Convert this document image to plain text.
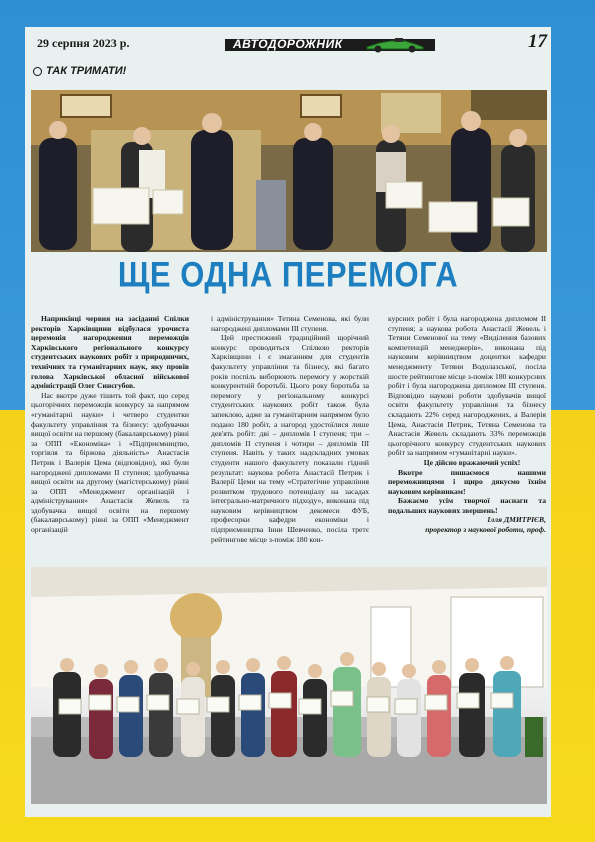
29 серпня 2023 р.	АВТОДОРОЖНИК	17
ТАК ТРИМАТИ!
ЩЕ ОДНА ПЕРЕМОГА

Наприкінці червня на засіданні Спілки ректорів Харківщини відбулася урочиста церемонія нагородження переможців Харківського регіонального конкурсу студентських наукових робіт з природничих, технічних та гуманітарних наук, яку провів голова Харківської обласної військової адміністрації Олег Синєгубов.

Нас вкотре дуже тішить той факт, що серед цьогорічних переможців конкурсу за напрямом «гуманітарні науки» і четверо студентки факультету управління та бізнесу: здобувачки вищої освіти на першому (бакалаврському) рівні за ОПП «Економіка» і «Підприємництво, торгівля та біржова діяльність» Анастасія Петрик і Валерія Цема (відповідно), які були нагороджені дипломами ІІ ступеня; здобувачка вищої освіти на другому (магістерському) рівні за ОПП «Менеджмент організацій і адміністрування» Анастасія Жевель та здобувачка вищої освіти на першому (бакалаврському) рівні за ОПП «Менеджмент організацій

і адміністрування» Тетяна Семенова, які були нагороджені дипломами ІІІ ступеня.

Цей престижний традиційний щорічний конкурс проводиться Спілкою ректорів Харківщини і є змаганням для студентів факультету управління та бізнесу, які багато років поспіль виборюють перемогу у жорсткій конкурентній боротьбі. Цього року боротьба за перемогу у регіональному конкурсі студентських наукових робіт також була запеклою, адже за гуманітарним напрямом було подано 180 робіт, а нагород удостоїлися лише дев'ять робіт: дві – дипломів І ступеня; три – дипломів ІІ ступеня і чотири – дипломів ІІІ ступеня. Навіть у таких надскладних умовах студенти нашого факультету показали гідний результат: наукова робота Анастасії Петрик і Валерії Цеми на тему «Стратегічне управління розвитком трудового потенціалу на засадах інтегрально-матричного підходу», виконана під науковим керівництвом декомеси ФУБ, професорки кафедри економіки і підприємництва Інни Шевченко, посіла третє рейтингове місце з-поміж 180 кон-

курсних робіт і була нагороджена дипломом ІІ ступеня; а наукова робота Анастасії Жевель і Тетяни Семенової на тему «Виділення базових компетенцій менеджерів», виконана під науковим керівництвом доцентки кафедри менеджменту Тетяни Водолазської, посіла шосте рейтингове місце з-поміж 180 конкурсних робіт і була нагороджена дипломом ІІІ ступеня. Відповідно наукові роботи здобувачів вищої освіти факультету управління та бізнесу складають 22% серед нагороджених, а Валерія Цема, Анастасія Петрик, Тетяна Семенова та Анастасія Жевель складають 33% переможців цьогорічного конкурсу студентських наукових робіт за напрямом «гуманітарні науки».

Це дійсно вражаючий успіх!

Вкотре пишаємося нашими переможницями і щиро дякуємо їхнім науковим керівникам!

Бажаємо усім творчої наснаги та подальших наукових звершень!

Ілля ДМИТРІЄВ,

проректор з наукової роботи, проф.
